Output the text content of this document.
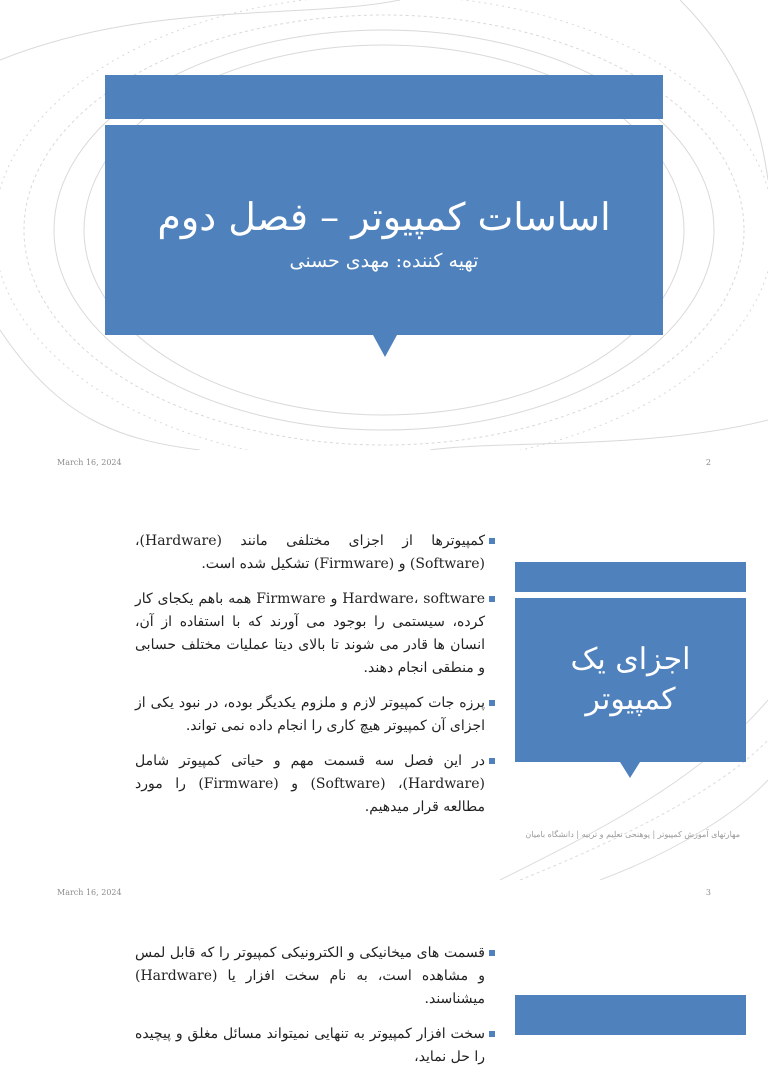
اساسات کمپیوتر – فصل دوم
تهیه کننده: مهدی حسنی
March 16, 2024	2
کمپیوترها از اجزای مختلفی مانند (Hardware)، (Software) و (Firmware) تشکیل شده است.
Hardware، software و Firmware همه باهم یکجای کار کرده، سیستمی را بوجود می آورند که با استفاده از آن، انسان ها قادر می شوند تا بالای دیتا عملیات مختلف حسابی و منطقی انجام دهند.
پرزه جات کمپیوتر لازم و ملزوم یکدیگر بوده، در نبود یکی از اجزای آن کمپیوتر هیچ کاری را انجام داده نمی تواند.
در این فصل سه قسمت مهم و حیاتی کمپیوتر شامل (Hardware)، (Software) و (Firmware) را مورد مطالعه قرار میدهیم.
اجزای یک کمپیوتر
مهارتهای آموزش کمپیوتر | پوهنحی تعلیم و تربیه | دانشگاه بامیان
March 16, 2024	3
قسمت های میخانیکی و الکترونیکی کمپیوتر را که قابل لمس و مشاهده است، به نام سخت افزار یا (Hardware) میشناسند.
سخت افزار کمپیوتر به تنهایی نمیتواند مسائل مغلق و پیچیده را حل نماید،
